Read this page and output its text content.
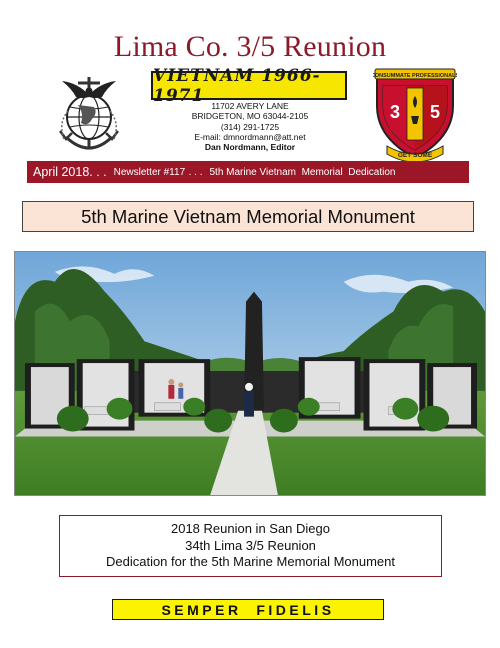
Lima Co. 3/5 Reunion
VIETNAM 1966-1971
11702 AVERY LANE
BRIDGETON, MO 63044-2105
(314) 291-1725
E-mail: dmnordmann@att.net
Dan Nordmann, Editor
CONSUMMATE PROFESSIONALS
3 5
GET SOME
April 2018. . .
Newsletter #117
. . .
5th Marine Vietnam  Memorial  Dedication
5th Marine Vietnam Memorial Monument
2018 Reunion in San Diego
34th Lima 3/5 Reunion
Dedication for the 5th Marine Memorial Monument
SEMPER  FIDELIS
